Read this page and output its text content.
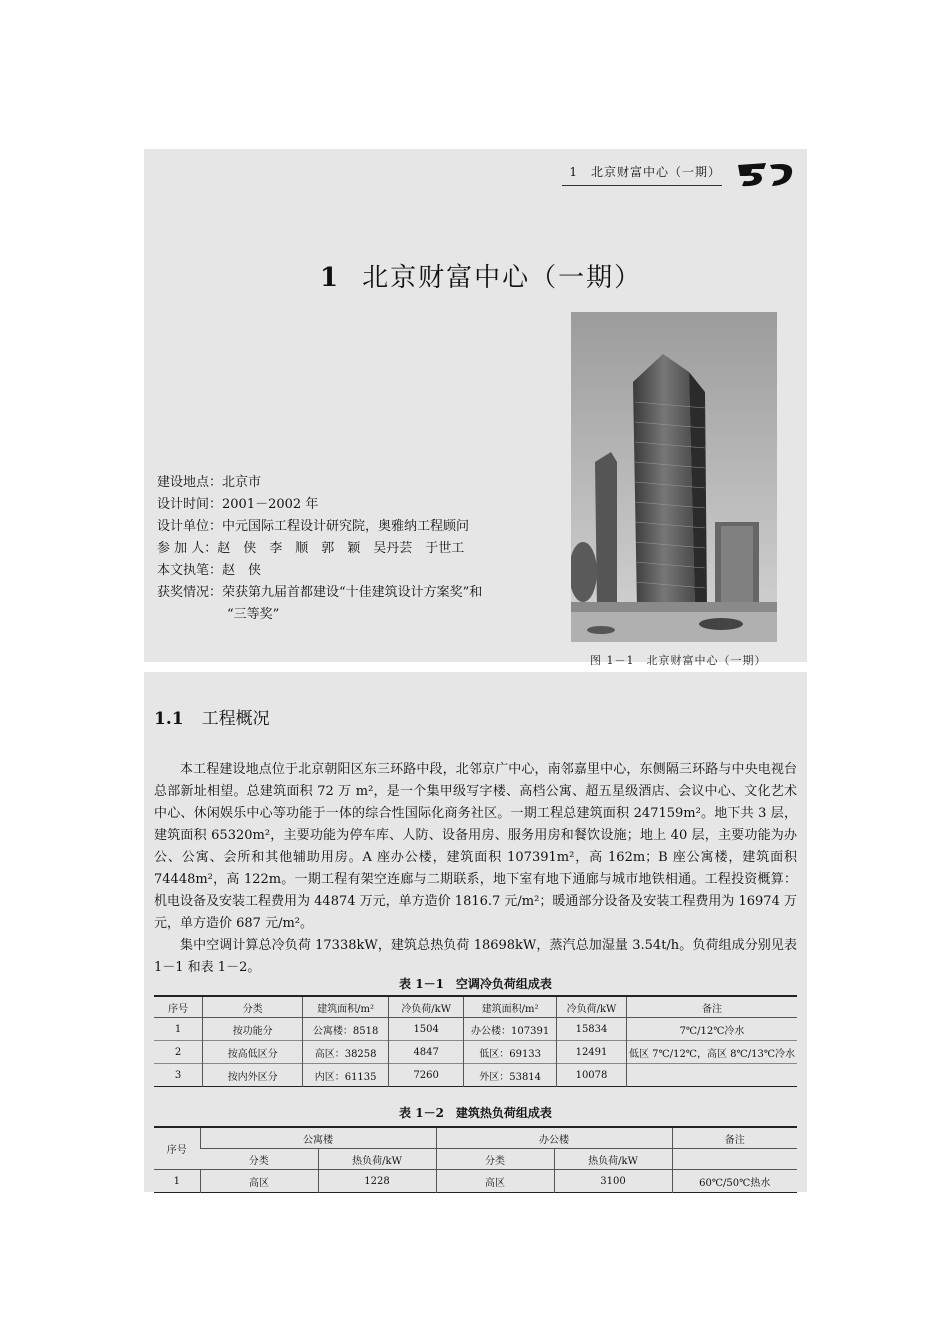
1　北京财富中心（一期）
1 北京财富中心（一期）
图 1－1　北京财富中心（一期）
建设地点：北京市
设计时间：2001－2002 年
设计单位：中元国际工程设计研究院，奥雅纳工程顾问
参 加 人：赵　侠　李　顺　郭　颖　吴丹芸　于世工
本文执笔：赵　侠
获奖情况：荣获第九届首都建设“十佳建筑设计方案奖”和
“三等奖”
1.1 工程概况

本工程建设地点位于北京朝阳区东三环路中段，北邻京广中心，南邻嘉里中心，东侧隔三环路与中央电视台总部新址相望。总建筑面积 72 万 m²，是一个集甲级写字楼、高档公寓、超五星级酒店、会议中心、文化艺术中心、休闲娱乐中心等功能于一体的综合性国际化商务社区。一期工程总建筑面积 247159m²。地下共 3 层，建筑面积 65320m²，主要功能为停车库、人防、设备用房、服务用房和餐饮设施；地上 40 层，主要功能为办公、公寓、会所和其他辅助用房。A 座办公楼，建筑面积 107391m²，高 162m；B 座公寓楼，建筑面积 74448m²，高 122m。一期工程有架空连廊与二期联系，地下室有地下通廊与城市地铁相通。工程投资概算：机电设备及安装工程费用为 44874 万元，单方造价 1816.7 元/m²；暖通部分设备及安装工程费用为 16974 万元，单方造价 687 元/m²。

集中空调计算总冷负荷 17338kW，建筑总热负荷 18698kW，蒸汽总加湿量 3.54t/h。负荷组成分别见表 1－1 和表 1－2。

表 1－1　空调冷负荷组成表
序号	分类	建筑面积/m²	冷负荷/kW	建筑面积/m²	冷负荷/kW	备注
1	按功能分	公寓楼：8518	1504	办公楼：107391	15834	7℃/12℃冷水
2	按高低区分	高区：38258	4847	低区：69133	12491	低区 7℃/12℃，高区 8℃/13℃冷水
3	按内外区分	内区：61135	7260	外区：53814	10078	
表 1－2　建筑热负荷组成表
序号	公寓楼		办公楼		备注
	分类	热负荷/kW	分类	热负荷/kW	
1	高区	1228	高区	3100	60℃/50℃热水
